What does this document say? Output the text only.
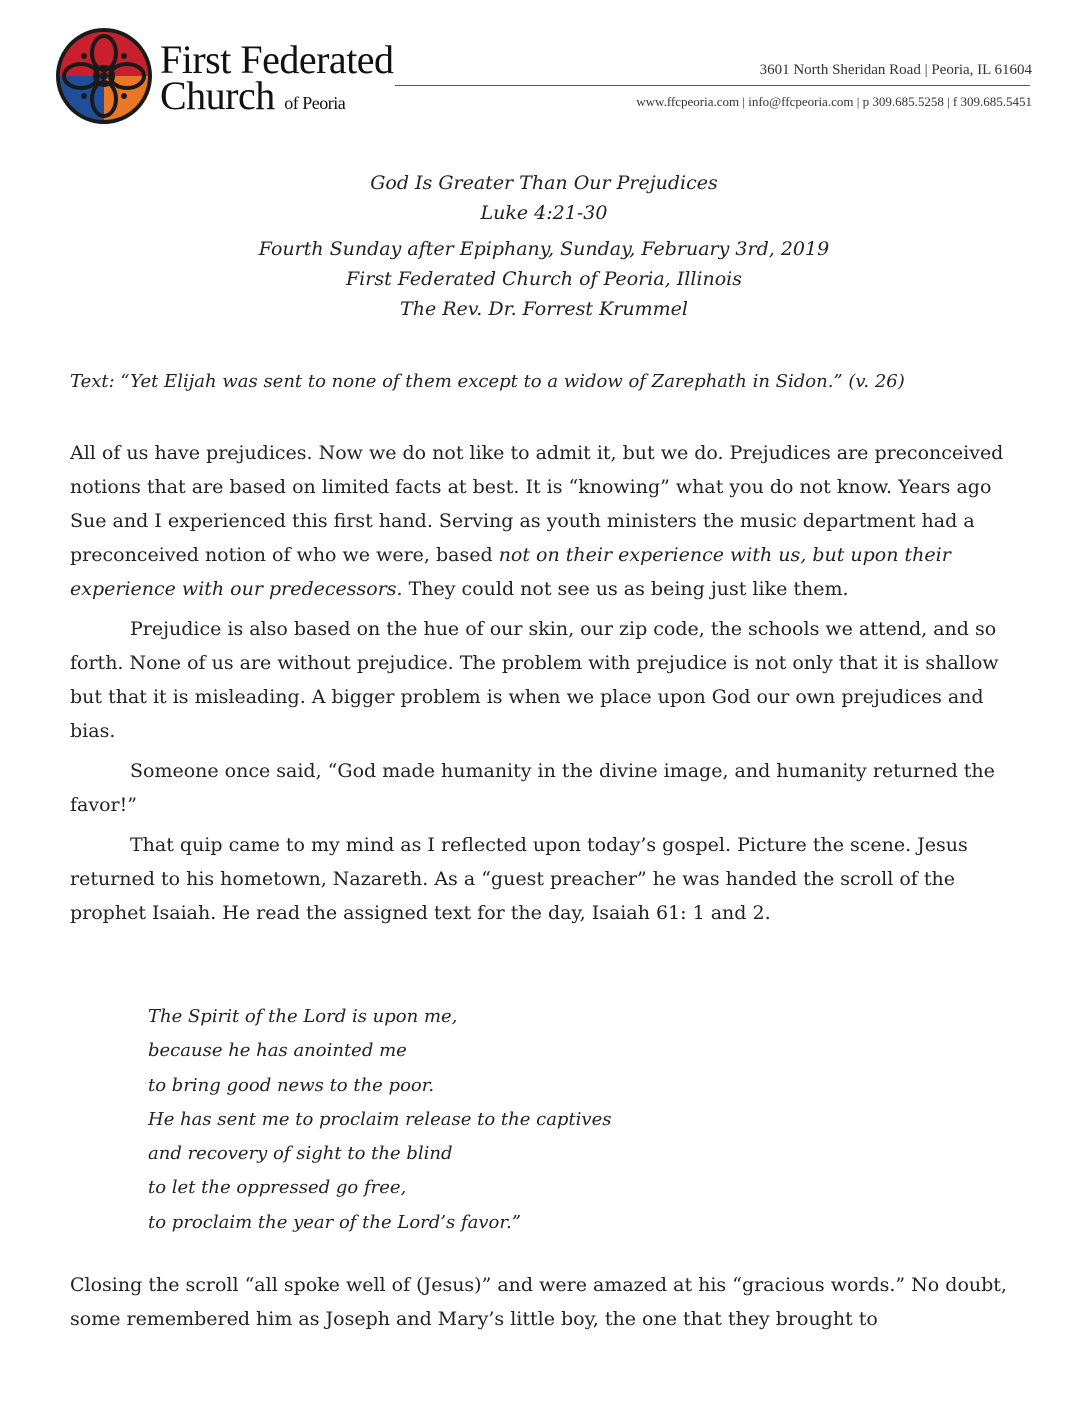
First Federated
Church of Peoria
3601 North Sheridan Road | Peoria, IL 61604
www.ffcpeoria.com | info@ffcpeoria.com | p 309.685.5258 | f 309.685.5451
God Is Greater Than Our Prejudices
Luke 4:21-30
Fourth Sunday after Epiphany, Sunday, February 3rd, 2019
First Federated Church of Peoria, Illinois
The Rev. Dr. Forrest Krummel
Text: “Yet Elijah was sent to none of them except to a widow of Zarephath in Sidon.” (v. 26)

All of us have prejudices. Now we do not like to admit it, but we do. Prejudices are preconceived notions that are based on limited facts at best. It is “knowing” what you do not know. Years ago Sue and I experienced this first hand. Serving as youth ministers the music department had a preconceived notion of who we were, based not on their experience with us, but upon their experience with our predecessors. They could not see us as being just like them.

Prejudice is also based on the hue of our skin, our zip code, the schools we attend, and so forth. None of us are without prejudice. The problem with prejudice is not only that it is shallow but that it is misleading. A bigger problem is when we place upon God our own prejudices and bias.

Someone once said, “God made humanity in the divine image, and humanity returned the favor!”

That quip came to my mind as I reflected upon today’s gospel. Picture the scene. Jesus returned to his hometown, Nazareth. As a “guest preacher” he was handed the scroll of the prophet Isaiah. He read the assigned text for the day, Isaiah 61: 1 and 2.

The Spirit of the Lord is upon me,
because he has anointed me
to bring good news to the poor.
He has sent me to proclaim release to the captives
and recovery of sight to the blind
to let the oppressed go free,
to proclaim the year of the Lord’s favor.”
Closing the scroll “all spoke well of (Jesus)” and were amazed at his “gracious words.” No doubt, some remembered him as Joseph and Mary’s little boy, the one that they brought to
